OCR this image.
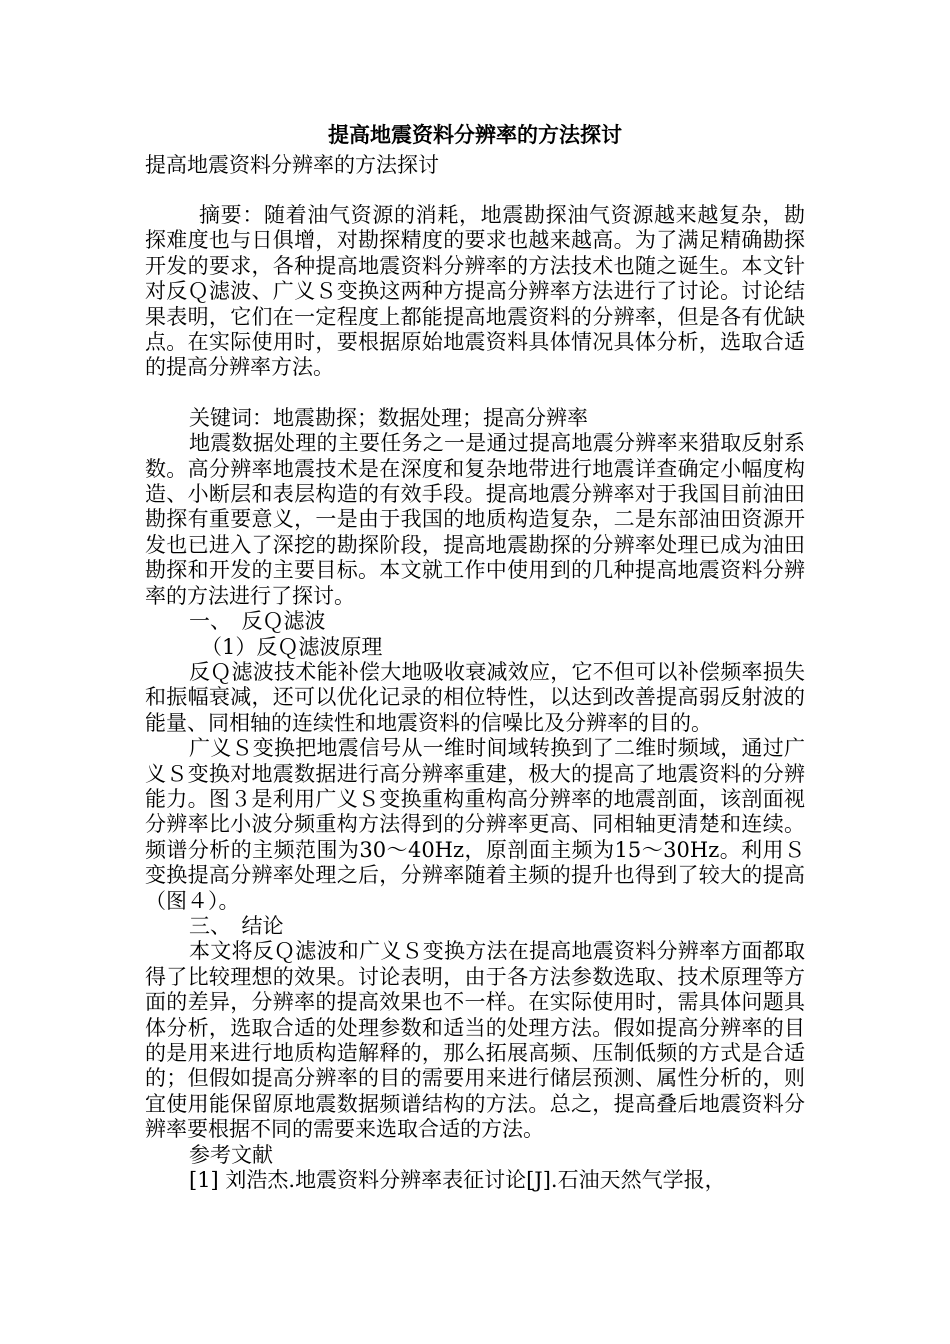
提高地震资料分辨率的方法探讨
提高地震资料分辨率的方法探讨

摘要：随着油气资源的消耗，地震勘探油气资源越来越复杂，勘探难度也与日俱增，对勘探精度的要求也越来越高。为了满足精确勘探开发的要求，各种提高地震资料分辨率的方法技术也随之诞生。本文针对反Ｑ滤波、广义Ｓ变换这两种方提高分辨率方法进行了讨论。讨论结果表明，它们在一定程度上都能提高地震资料的分辨率，但是各有优缺点。在实际使用时，要根据原始地震资料具体情况具体分析，选取合适的提高分辨率方法。

关键词：地震勘探；数据处理；提高分辨率

地震数据处理的主要任务之一是通过提高地震分辨率来猎取反射系数。高分辨率地震技术是在深度和复杂地带进行地震详查确定小幅度构造、小断层和表层构造的有效手段。提高地震分辨率对于我国目前油田勘探有重要意义，一是由于我国的地质构造复杂，二是东部油田资源开发也已进入了深挖的勘探阶段，提高地震勘探的分辨率处理已成为油田勘探和开发的主要目标。本文就工作中使用到的几种提高地震资料分辨率的方法进行了探讨。

一、　反Ｑ滤波

（1）反Ｑ滤波原理

反Ｑ滤波技术能补偿大地吸收衰减效应，它不但可以补偿频率损失和振幅衰减，还可以优化记录的相位特性，以达到改善提高弱反射波的能量、同相轴的连续性和地震资料的信噪比及分辨率的目的。

广义Ｓ变换把地震信号从一维时间域转换到了二维时频域，通过广义Ｓ变换对地震数据进行高分辨率重建，极大的提高了地震资料的分辨能力。图３是利用广义Ｓ变换重构重构高分辨率的地震剖面，该剖面视分辨率比小波分频重构方法得到的分辨率更高、同相轴更清楚和连续。频谱分析的主频范围为30～40Hz，原剖面主频为15～30Hz。利用Ｓ变换提高分辨率处理之后，分辨率随着主频的提升也得到了较大的提高　（图４）。

三、　结论

本文将反Ｑ滤波和广义Ｓ变换方法在提高地震资料分辨率方面都取得了比较理想的效果。讨论表明，由于各方法参数选取、技术原理等方面的差异，分辨率的提高效果也不一样。在实际使用时，需具体问题具体分析，选取合适的处理参数和适当的处理方法。假如提高分辨率的目的是用来进行地质构造解释的，那么拓展高频、压制低频的方式是合适的；但假如提高分辨率的目的需要用来进行储层预测、属性分析的，则宜使用能保留原地震数据频谱结构的方法。总之，提高叠后地震资料分辨率要根据不同的需要来选取合适的方法。

参考文献

[1] 刘浩杰.地震资料分辨率表征讨论[J].石油天然气学报，
